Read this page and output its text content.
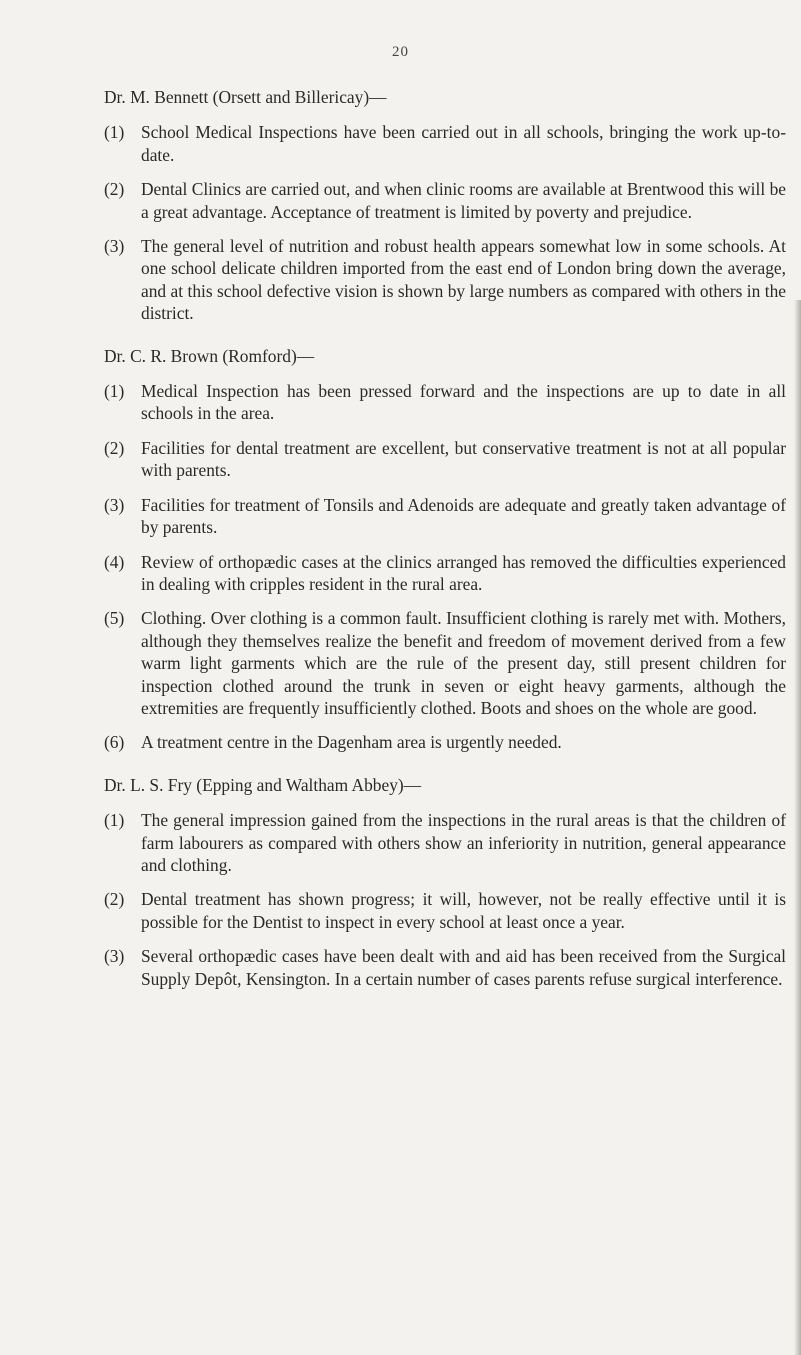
20

Dr. M. Bennett (Orsett and Billericay)—

(1) School Medical Inspections have been carried out in all schools, bringing the work up-to-date.
(2) Dental Clinics are carried out, and when clinic rooms are available at Brentwood this will be a great advantage. Acceptance of treatment is limited by poverty and prejudice.
(3) The general level of nutrition and robust health appears somewhat low in some schools. At one school delicate children imported from the east end of London bring down the average, and at this school defective vision is shown by large numbers as compared with others in the district.

Dr. C. R. Brown (Romford)—

(1) Medical Inspection has been pressed forward and the inspections are up to date in all schools in the area.
(2) Facilities for dental treatment are excellent, but conservative treatment is not at all popular with parents.
(3) Facilities for treatment of Tonsils and Adenoids are adequate and greatly taken advantage of by parents.
(4) Review of orthopædic cases at the clinics arranged has removed the difficulties experienced in dealing with cripples resident in the rural area.
(5) Clothing. Over clothing is a common fault. Insufficient clothing is rarely met with. Mothers, although they themselves realize the benefit and freedom of movement derived from a few warm light garments which are the rule of the present day, still present children for inspection clothed around the trunk in seven or eight heavy garments, although the extremities are frequently insufficiently clothed. Boots and shoes on the whole are good.
(6) A treatment centre in the Dagenham area is urgently needed.

Dr. L. S. Fry (Epping and Waltham Abbey)—

(1) The general impression gained from the inspections in the rural areas is that the children of farm labourers as compared with others show an inferiority in nutrition, general appearance and clothing.
(2) Dental treatment has shown progress; it will, however, not be really effective until it is possible for the Dentist to inspect in every school at least once a year.
(3) Several orthopædic cases have been dealt with and aid has been received from the Surgical Supply Depôt, Kensington. In a certain number of cases parents refuse surgical interference.
